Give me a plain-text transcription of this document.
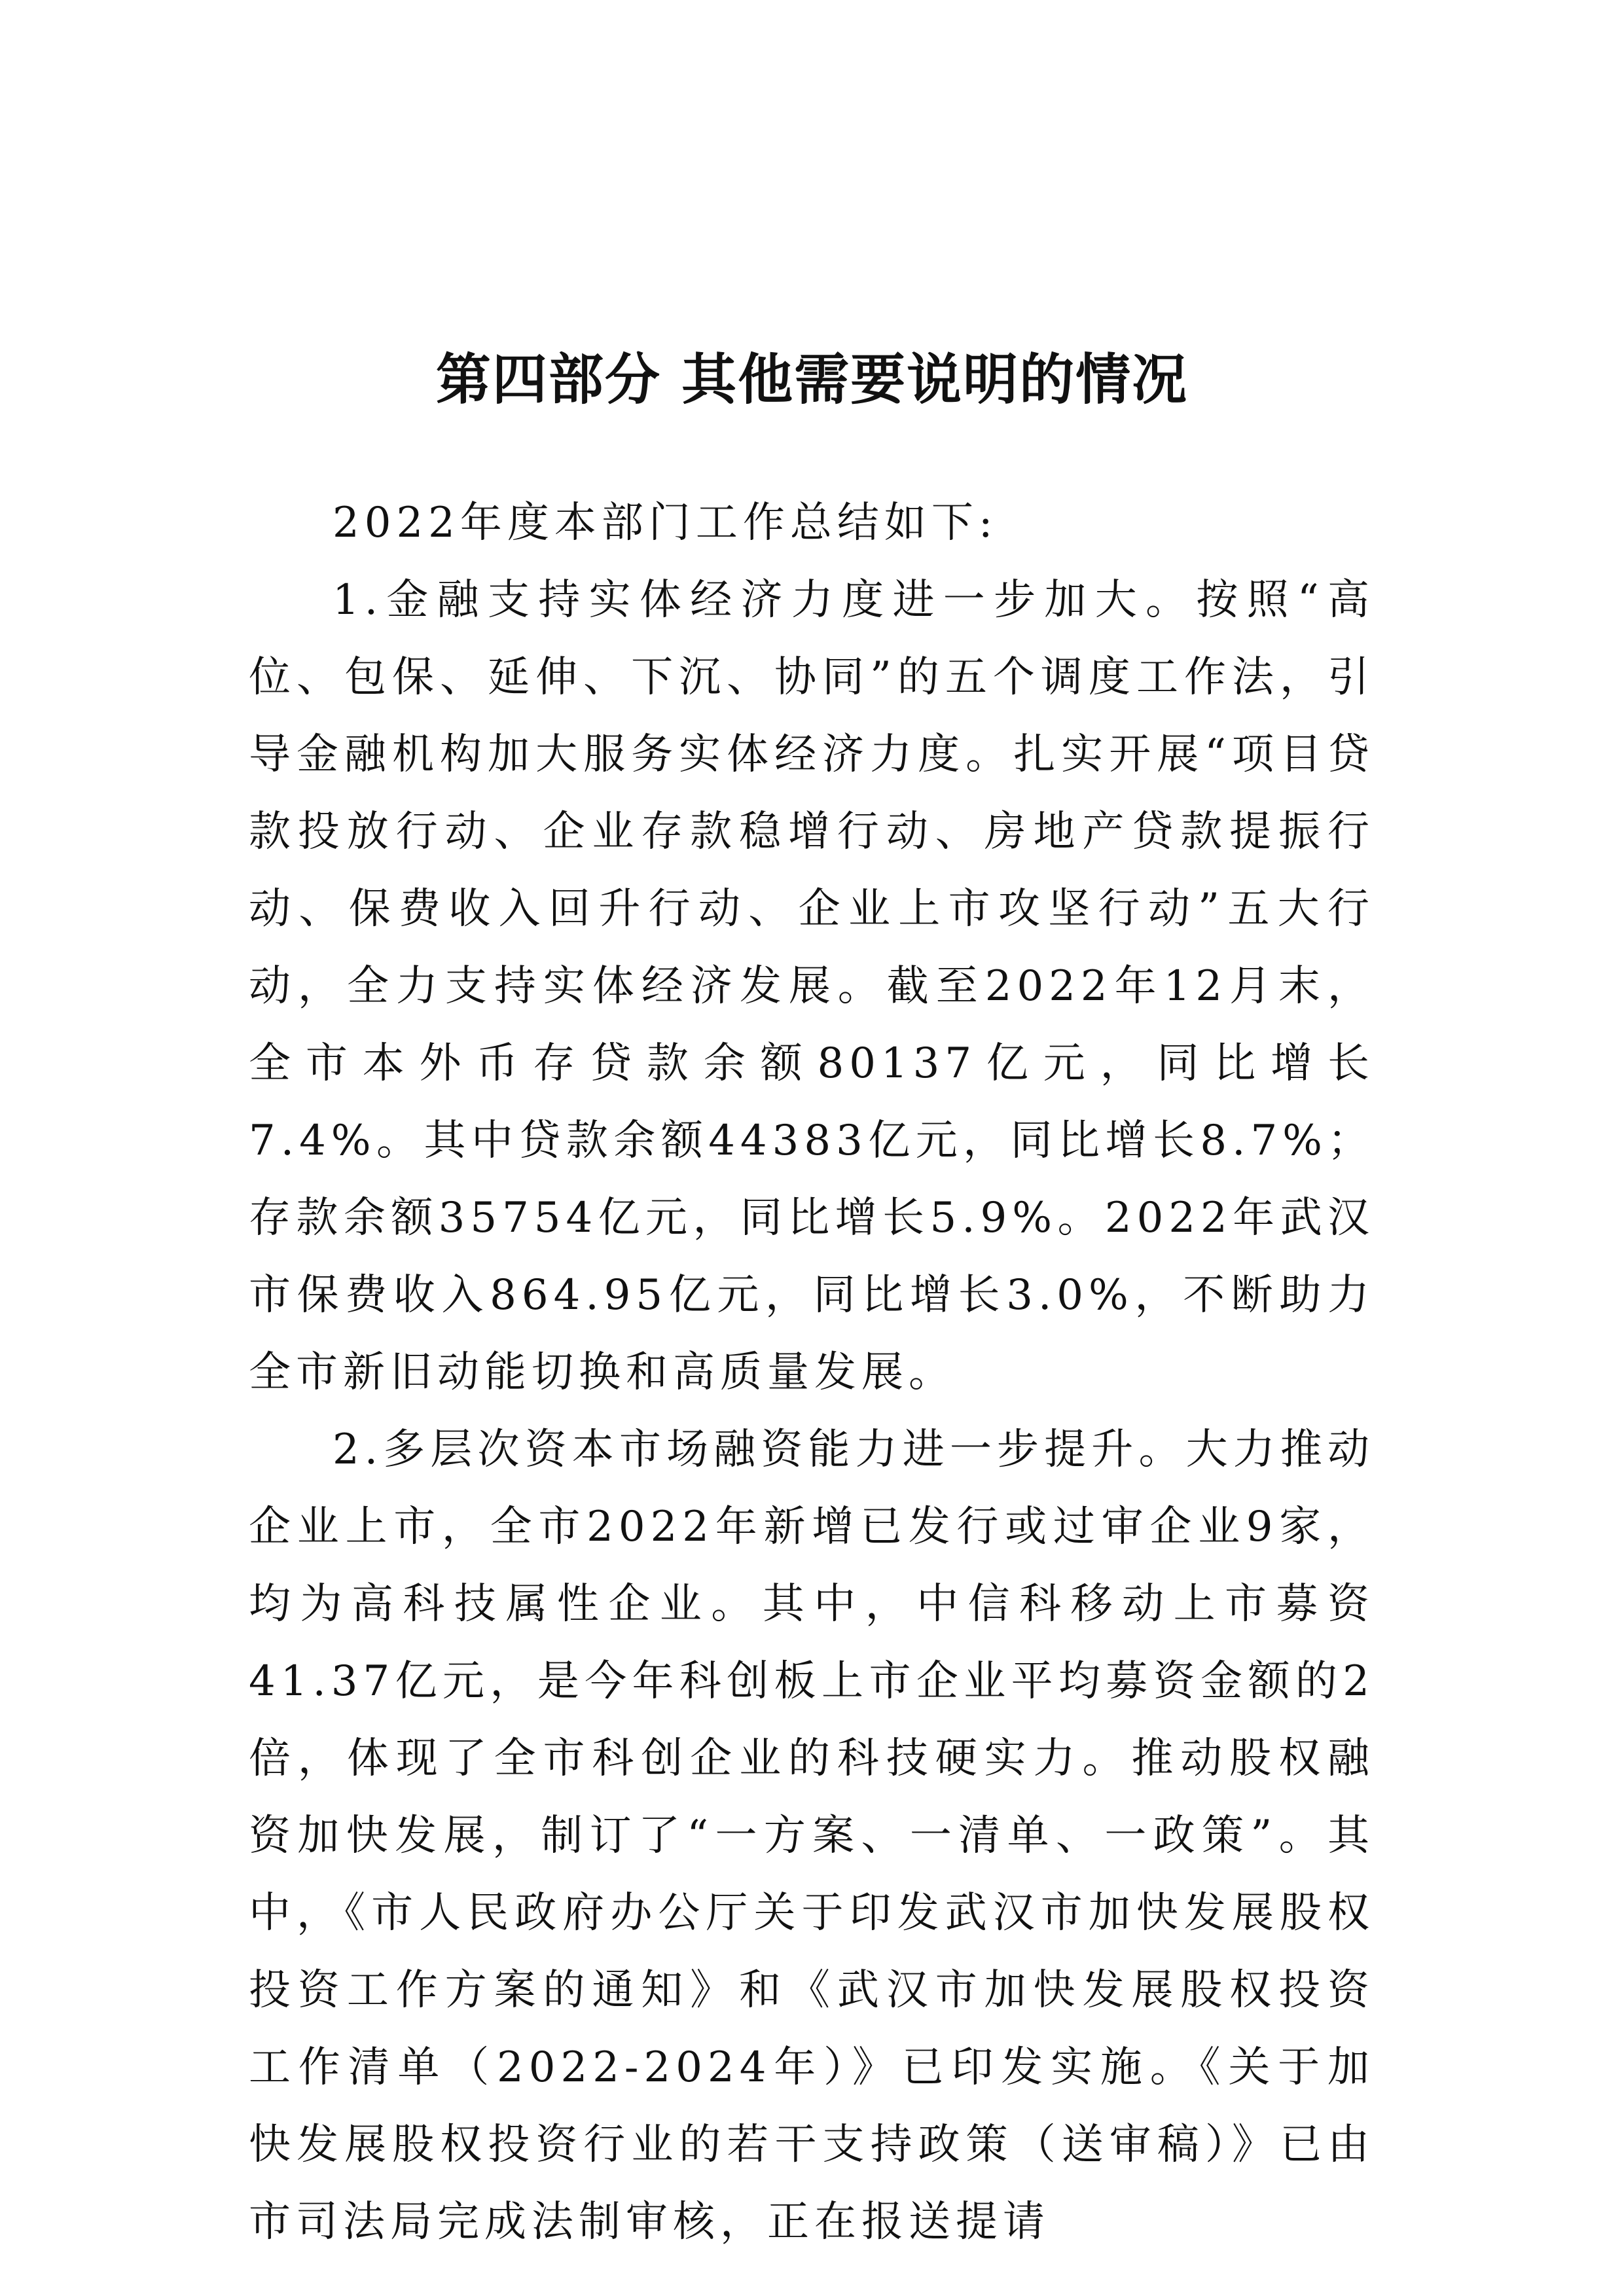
第四部分 其他需要说明的情况

2022年度本部门工作总结如下:

1.金融支持实体经济力度进一步加大。按照“高位、包保、延伸、下沉、协同”的五个调度工作法，引导金融机构加大服务实体经济力度。扎实开展“项目贷款投放行动、企业存款稳增行动、房地产贷款提振行动、保费收入回升行动、企业上市攻坚行动”五大行动，全力支持实体经济发展。截至2022年12月末，全市本外币存贷款余额80137亿元，同比增长7.4%。其中贷款余额44383亿元，同比增长8.7%；存款余额35754亿元，同比增长5.9%。2022年武汉市保费收入864.95亿元，同比增长3.0%，不断助力全市新旧动能切换和高质量发展。

2.多层次资本市场融资能力进一步提升。大力推动企业上市，全市2022年新增已发行或过审企业9家，均为高科技属性企业。其中，中信科移动上市募资41.37亿元，是今年科创板上市企业平均募资金额的2倍，体现了全市科创企业的科技硬实力。推动股权融资加快发展，制订了“一方案、一清单、一政策”。其中，《市人民政府办公厅关于印发武汉市加快发展股权投资工作方案的通知》和《武汉市加快发展股权投资工作清单（2022-2024年）》已印发实施。《关于加快发展股权投资行业的若干支持政策（送审稿）》已由市司法局完成法制审核，正在报送提请
